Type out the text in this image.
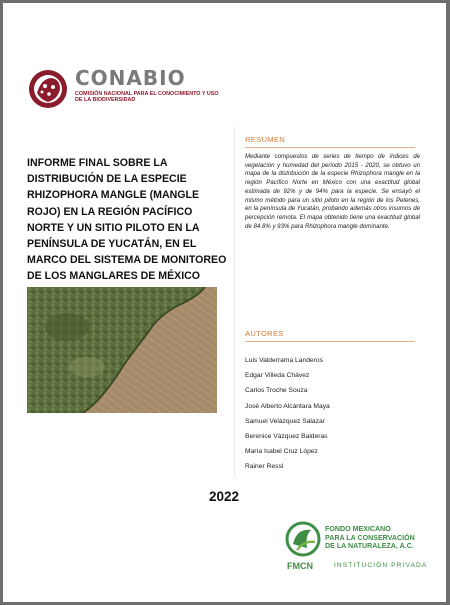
CONABIO
COMISIÓN NACIONAL PARA EL CONOCIMIENTO Y USO DE LA BIODIVERSIDAD
INFORME FINAL SOBRE LA DISTRIBUCIÓN DE LA ESPECIE RHIZOPHORA MANGLE (MANGLE ROJO) EN LA REGIÓN PACÍFICO NORTE Y UN SITIO PILOTO EN LA PENÍNSULA DE YUCATÁN, EN EL MARCO DEL SISTEMA DE MONITOREO DE LOS MANGLARES DE MÉXICO
RESUMEN
Mediante compuestos de series de tiempo de índices de vegetación y humedad del periodo 2015 - 2020, se obtuvo un mapa de la distribución de la especie Rhizophora mangle en la región Pacífico Norte en México con una exactitud global estimada de 92% y de 94% para la especie. Se ensayó el mismo método para un sitio piloto en la región de los Petenes, en la península de Yucatán, probando además otros insumos de percepción remota. El mapa obtenido tiene una exactitud global de 84.8% y 93% para Rhizophora mangle dominante.
AUTORES
Luis Valderrama Landeros
Edgar Villeda Chávez
Carlos Troche Souza
José Alberto Alcántara Maya
Samuel Velázquez Salazar
Berenice Vázquez Balderas
María Isabel Cruz López
Rainer Ressl
2022
FONDO MEXICANO
PARA LA CONSERVACIÓN
DE LA NATURALEZA, A.C.
FMCN	INSTITUCIÓN PRIVADA
